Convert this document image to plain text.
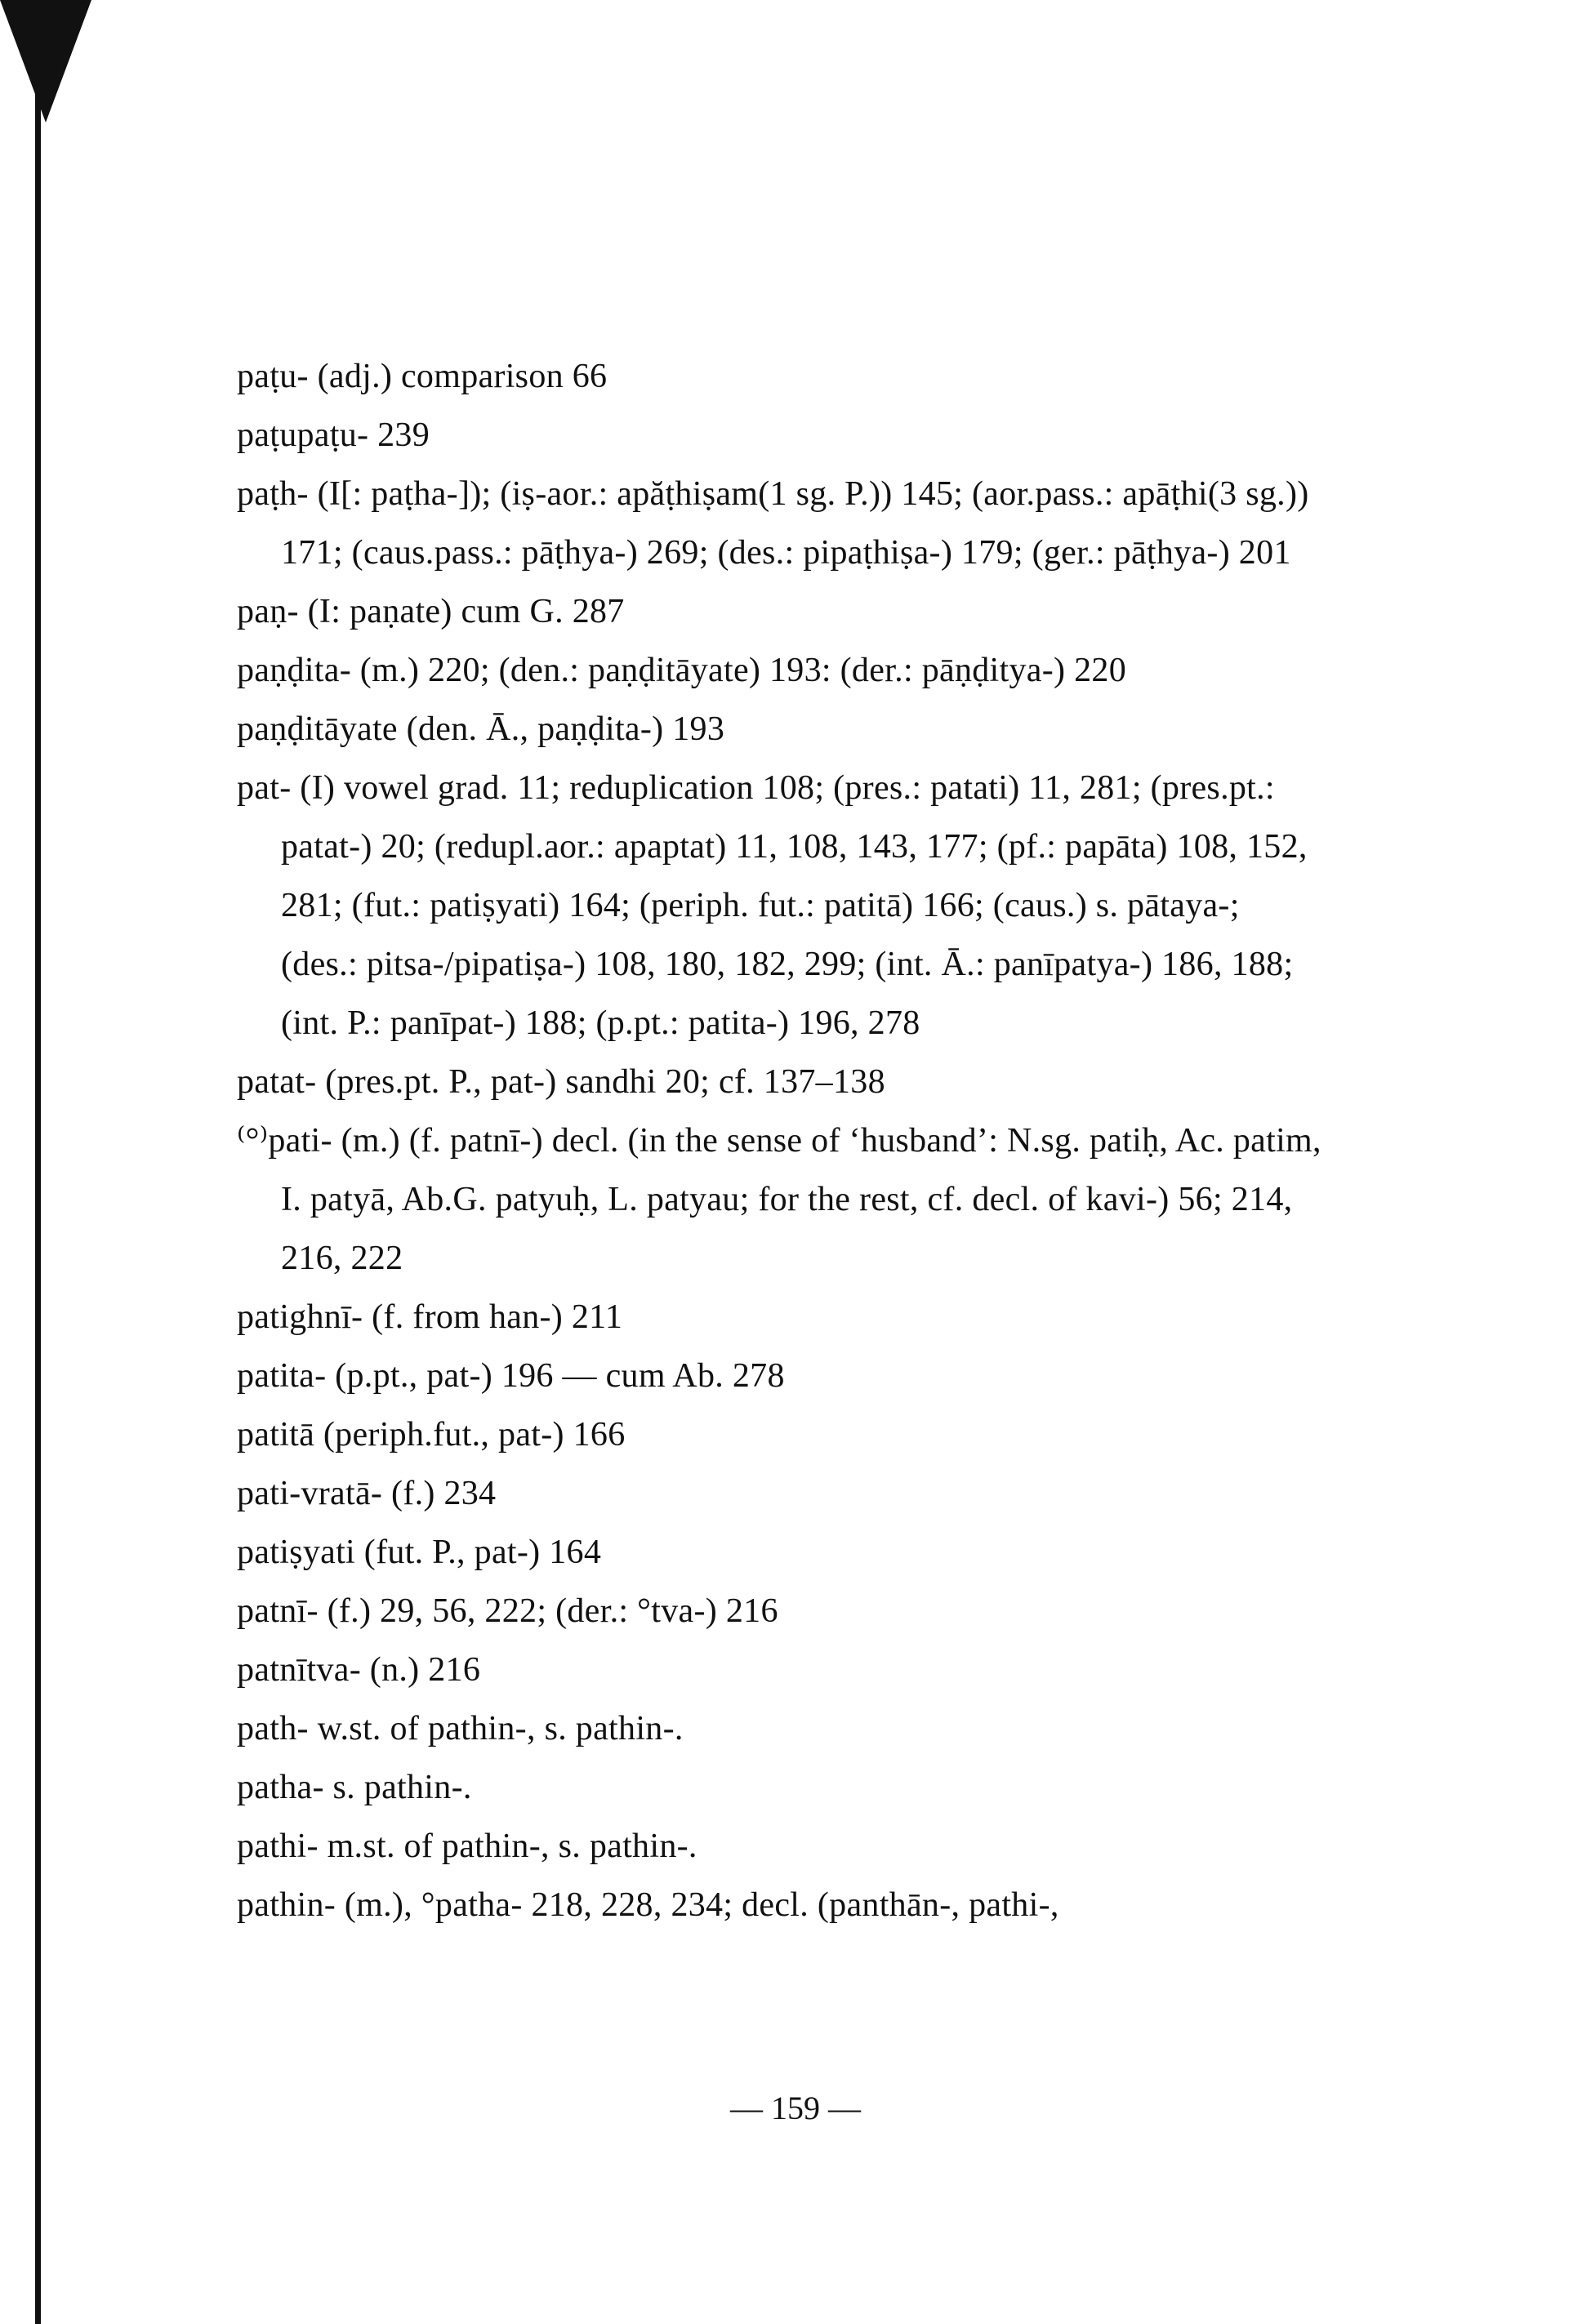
paṭu- (adj.) comparison 66

paṭupaṭu- 239

paṭh- (I[: paṭha-]); (iṣ-aor.: apăṭhiṣam(1 sg. P.)) 145; (aor.pass.: apāṭhi(3 sg.)) 171; (caus.pass.: pāṭhya-) 269; (des.: pipaṭhiṣa-) 179; (ger.: pāṭhya-) 201

paṇ- (I: paṇate) cum G. 287

paṇḍita- (m.) 220; (den.: paṇḍitāyate) 193: (der.: pāṇḍitya-) 220

paṇḍitāyate (den. Ā., paṇḍita-) 193

pat- (I) vowel grad. 11; reduplication 108; (pres.: patati) 11, 281; (pres.pt.: patat-) 20; (redupl.aor.: apaptat) 11, 108, 143, 177; (pf.: papāta) 108, 152, 281; (fut.: patiṣyati) 164; (periph. fut.: patitā) 166; (caus.) s. pātaya-; (des.: pitsa-/pipatiṣa-) 108, 180, 182, 299; (int. Ā.: panīpatya-) 186, 188; (int. P.: panīpat-) 188; (p.pt.: patita-) 196, 278

patat- (pres.pt. P., pat-) sandhi 20; cf. 137–138

⁽°⁾pati- (m.) (f. patnī-) decl. (in the sense of ‘husband’: N.sg. patiḥ, Ac. patim, I. patyā, Ab.G. patyuḥ, L. patyau; for the rest, cf. decl. of kavi-) 56; 214, 216, 222

patighnī- (f. from han-) 211

patita- (p.pt., pat-) 196 — cum Ab. 278

patitā (periph.fut., pat-) 166

pati-vratā- (f.) 234

patiṣyati (fut. P., pat-) 164

patnī- (f.) 29, 56, 222; (der.: °tva-) 216

patnītva- (n.) 216

path- w.st. of pathin-, s. pathin-.

patha- s. pathin-.

pathi- m.st. of pathin-, s. pathin-.

pathin- (m.), °patha- 218, 228, 234; decl. (panthān-, pathi-,

— 159 —
